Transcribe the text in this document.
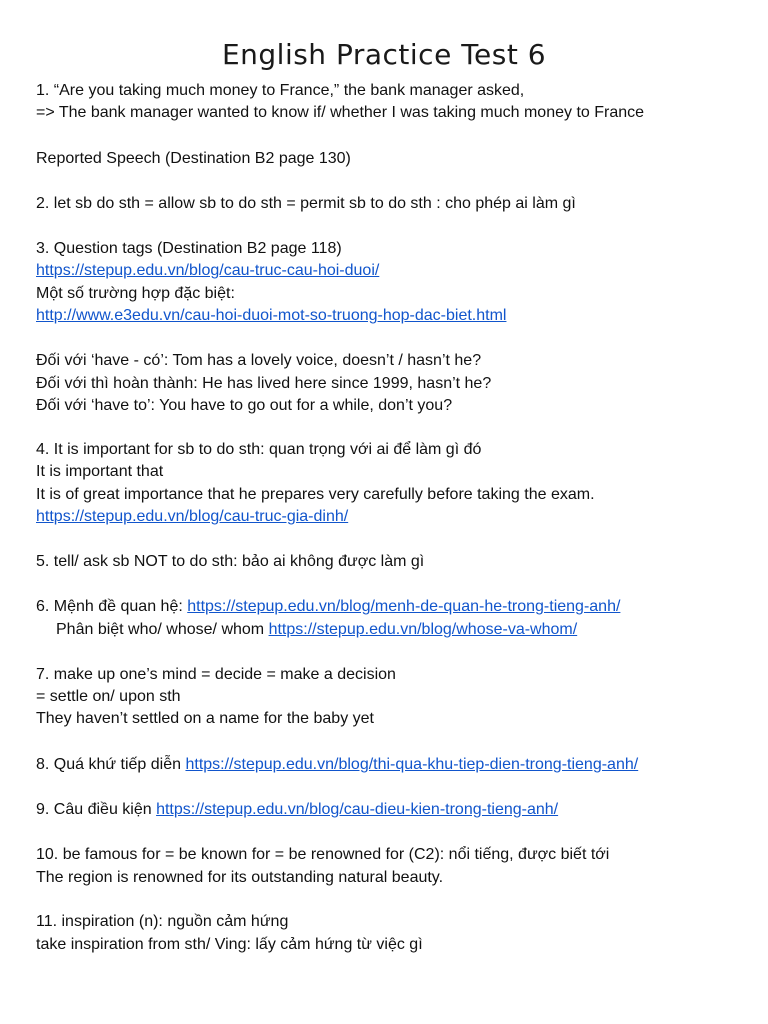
English Practice Test 6
1. “Are you taking much money to France,” the bank manager asked,
=> The bank manager wanted to know if/ whether I was taking much money to France
Reported Speech (Destination B2 page 130)
2. let sb do sth = allow sb to do sth = permit sb to do sth : cho phép ai làm gì
3. Question tags (Destination B2 page 118)
https://stepup.edu.vn/blog/cau-truc-cau-hoi-duoi/
Một số trường hợp đặc biệt:
http://www.e3edu.vn/cau-hoi-duoi-mot-so-truong-hop-dac-biet.html
Đối với ‘have - có’: Tom has a lovely voice, doesn’t / hasn’t he?
Đối với thì hoàn thành: He has lived here since 1999, hasn’t he?
Đối với ‘have to’: You have to go out for a while, don’t you?
4. It is important for sb to do sth: quan trọng với ai để làm gì đó
It is important that
It is of great importance that he prepares very carefully before taking the exam.
https://stepup.edu.vn/blog/cau-truc-gia-dinh/
5. tell/ ask sb NOT to do sth: bảo ai không được làm gì
6. Mệnh đề quan hệ: https://stepup.edu.vn/blog/menh-de-quan-he-trong-tieng-anh/
Phân biệt who/ whose/ whom https://stepup.edu.vn/blog/whose-va-whom/
7. make up one’s mind = decide = make a decision
= settle on/ upon sth
They haven’t settled on a name for the baby yet
8. Quá khứ tiếp diễn https://stepup.edu.vn/blog/thi-qua-khu-tiep-dien-trong-tieng-anh/
9. Câu điều kiện https://stepup.edu.vn/blog/cau-dieu-kien-trong-tieng-anh/
10. be famous for = be known for = be renowned for (C2): nổi tiếng, được biết tới
The region is renowned for its outstanding natural beauty.
11. inspiration (n): nguồn cảm hứng
take inspiration from sth/ Ving: lấy cảm hứng từ việc gì
